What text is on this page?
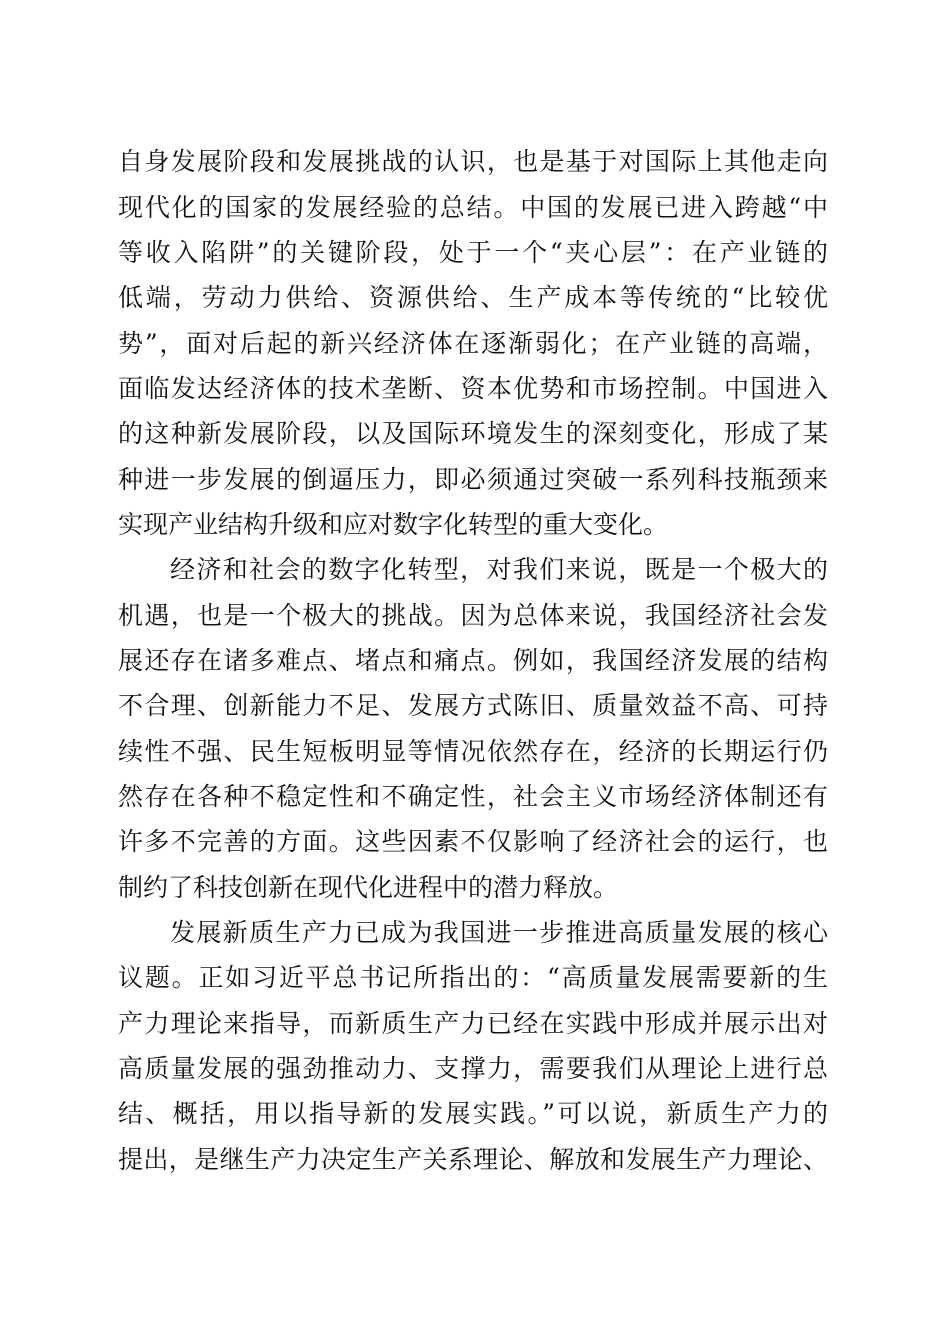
自身发展阶段和发展挑战的认识，也是基于对国际上其他走向
现代化的国家的发展经验的总结。中国的发展已进入跨越“中
等收入陷阱”的关键阶段，处于一个“夹心层”：在产业链的
低端，劳动力供给、资源供给、生产成本等传统的“比较优
势”，面对后起的新兴经济体在逐渐弱化；在产业链的高端，
面临发达经济体的技术垄断、资本优势和市场控制。中国进入
的这种新发展阶段，以及国际环境发生的深刻变化，形成了某
种进一步发展的倒逼压力，即必须通过突破一系列科技瓶颈来
实现产业结构升级和应对数字化转型的重大变化。
经济和社会的数字化转型，对我们来说，既是一个极大的
机遇，也是一个极大的挑战。因为总体来说，我国经济社会发
展还存在诸多难点、堵点和痛点。例如，我国经济发展的结构
不合理、创新能力不足、发展方式陈旧、质量效益不高、可持
续性不强、民生短板明显等情况依然存在，经济的长期运行仍
然存在各种不稳定性和不确定性，社会主义市场经济体制还有
许多不完善的方面。这些因素不仅影响了经济社会的运行，也
制约了科技创新在现代化进程中的潜力释放。
发展新质生产力已成为我国进一步推进高质量发展的核心
议题。正如习近平总书记所指出的：“高质量发展需要新的生
产力理论来指导，而新质生产力已经在实践中形成并展示出对
高质量发展的强劲推动力、支撑力，需要我们从理论上进行总
结、概括，用以指导新的发展实践。”可以说，新质生产力的
提出，是继生产力决定生产关系理论、解放和发展生产力理论、
